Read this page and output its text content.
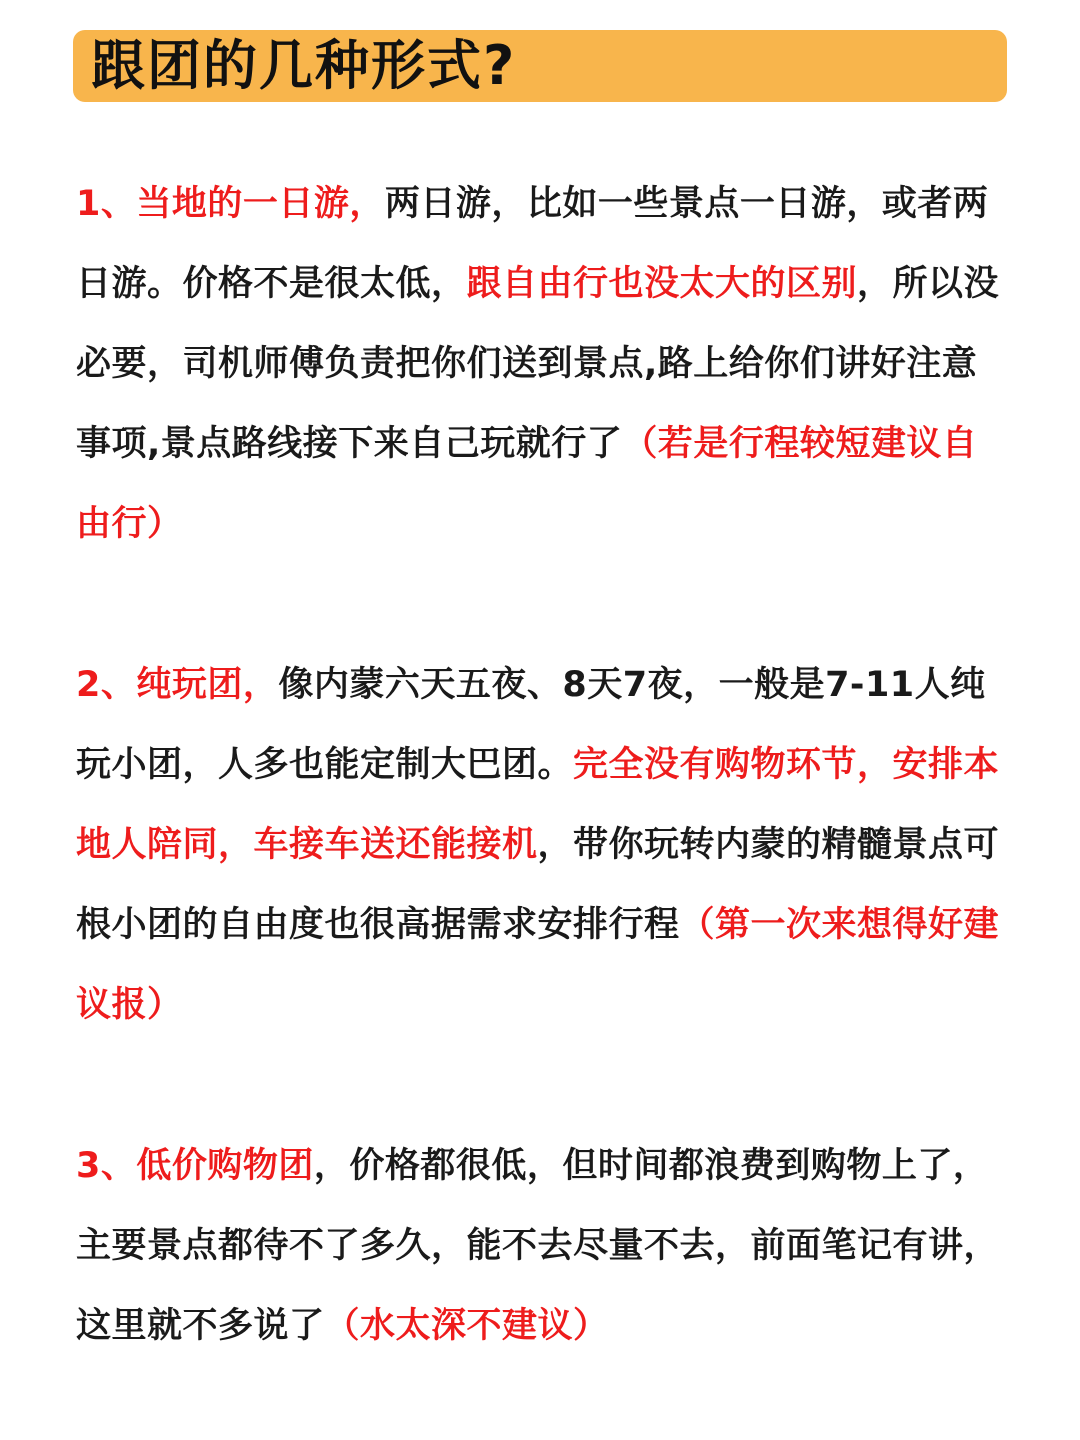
跟团的几种形式?
1、当地的一日游，两日游，比如一些景点一日游，或者两日游。价格不是很太低，跟自由行也没太大的区别，所以没必要，司机师傅负责把你们送到景点,路上给你们讲好注意事项,景点路线接下来自己玩就行了（若是行程较短建议自由行）
2、纯玩团，像内蒙六天五夜、8天7夜，一般是7-11人纯玩小团，人多也能定制大巴团。完全没有购物环节，安排本地人陪同，车接车送还能接机，带你玩转内蒙的精髓景点可根小团的自由度也很高据需求安排行程（第一次来想得好建议报）
3、低价购物团，价格都很低，但时间都浪费到购物上了，主要景点都待不了多久，能不去尽量不去，前面笔记有讲，这里就不多说了（水太深不建议）
